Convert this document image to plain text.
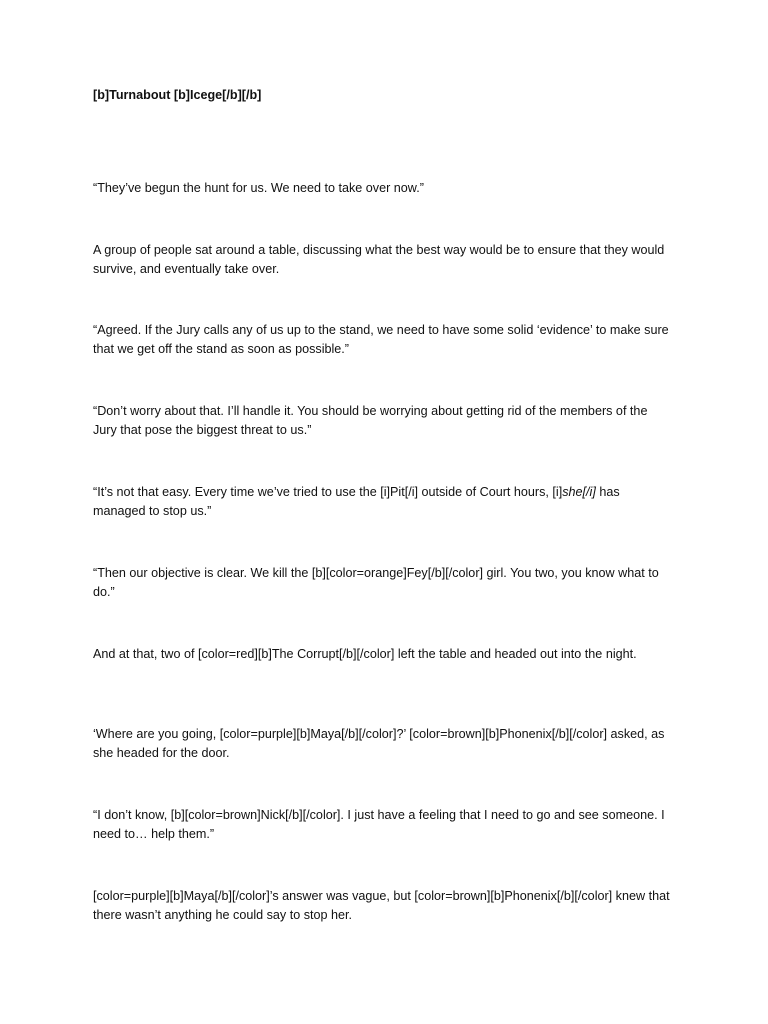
[b]Turnabout [b]Icege[/b][/b]

“They’ve begun the hunt for us. We need to take over now.”

A group of people sat around a table, discussing what the best way would be to ensure that they would survive, and eventually take over.

“Agreed. If the Jury calls any of us up to the stand, we need to have some solid ‘evidence’ to make sure that we get off the stand as soon as possible.”

“Don’t worry about that. I’ll handle it. You should be worrying about getting rid of the members of the Jury that pose the biggest threat to us.”

“It’s not that easy. Every time we’ve tried to use the [i]Pit[/i] outside of Court hours, [i]she[/i] has managed to stop us.”

“Then our objective is clear. We kill the [b][color=orange]Fey[/b][/color] girl. You two, you know what to do.”

And at that, two of [color=red][b]The Corrupt[/b][/color] left the table and headed out into the night.

‘Where are you going, [color=purple][b]Maya[/b][/color]?’ [color=brown][b]Phonenix[/b][/color] asked, as she headed for the door.

“I don’t know, [b][color=brown]Nick[/b][/color]. I just have a feeling that I need to go and see someone. I need to… help them.”

[color=purple][b]Maya[/b][/color]’s answer was vague, but [color=brown][b]Phonenix[/b][/color] knew that there wasn’t anything he could say to stop her.
